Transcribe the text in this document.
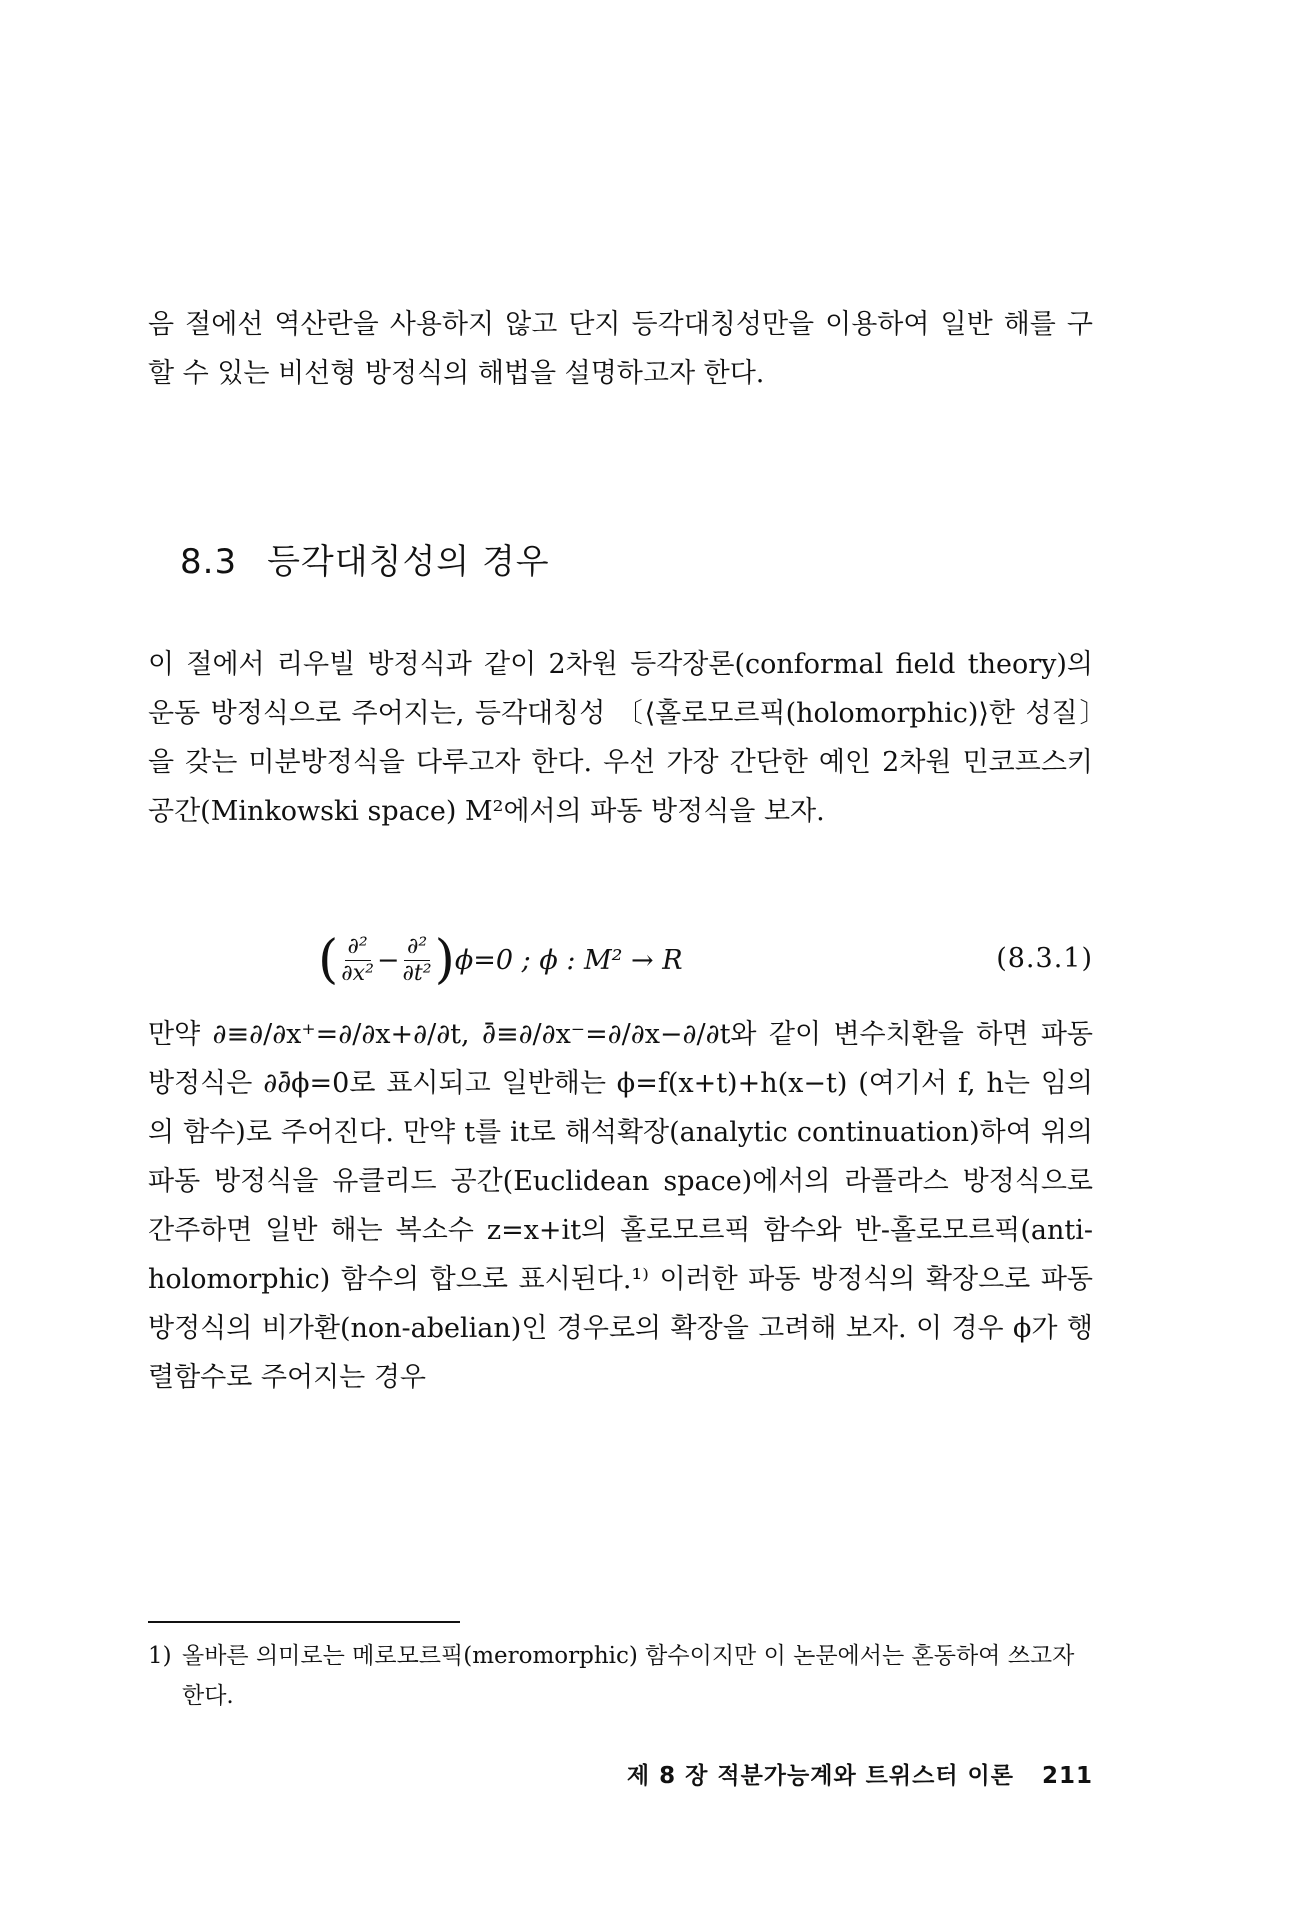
음 절에선 역산란을 사용하지 않고 단지 등각대칭성만을 이용하여 일반 해를 구할 수 있는 비선형 방정식의 해법을 설명하고자 한다.

8.3 등각대칭성의 경우

이 절에서 리우빌 방정식과 같이 2차원 등각장론(conformal field theory)의 운동 방정식으로 주어지는, 등각대칭성 〔⟨홀로모르픽(holomorphic)⟩한 성질〕을 갖는 미분방정식을 다루고자 한다. 우선 가장 간단한 예인 2차원 민코프스키 공간(Minkowski space) M²에서의 파동 방정식을 보자.

( $\frac{\text{∂²}}{\text{∂x²}} - \frac{\text{∂²}}{\text{∂t²}}$ ) ϕ=0 ; ϕ : M² → R	(8.3.1)

만약 ∂≡∂/∂x⁺=∂/∂x+∂/∂t, ∂̄≡∂/∂x⁻=∂/∂x−∂/∂t와 같이 변수치환을 하면 파동 방정식은 ∂∂̄ϕ=0로 표시되고 일반해는 ϕ=f(x+t)+h(x−t) (여기서 f, h는 임의의 함수)로 주어진다. 만약 t를 it로 해석확장(analytic continuation)하여 위의 파동 방정식을 유클리드 공간(Euclidean space)에서의 라플라스 방정식으로 간주하면 일반 해는 복소수 z=x+it의 홀로모르픽 함수와 반-홀로모르픽(anti-holomorphic) 함수의 합으로 표시된다.¹⁾ 이러한 파동 방정식의 확장으로 파동 방정식의 비가환(non-abelian)인 경우로의 확장을 고려해 보자. 이 경우 ϕ가 행렬함수로 주어지는 경우

1) 올바른 의미로는 메로모르픽(meromorphic) 함수이지만 이 논문에서는 혼동하여 쓰고자 한다.

제 8 장 적분가능계와 트위스터 이론 211
